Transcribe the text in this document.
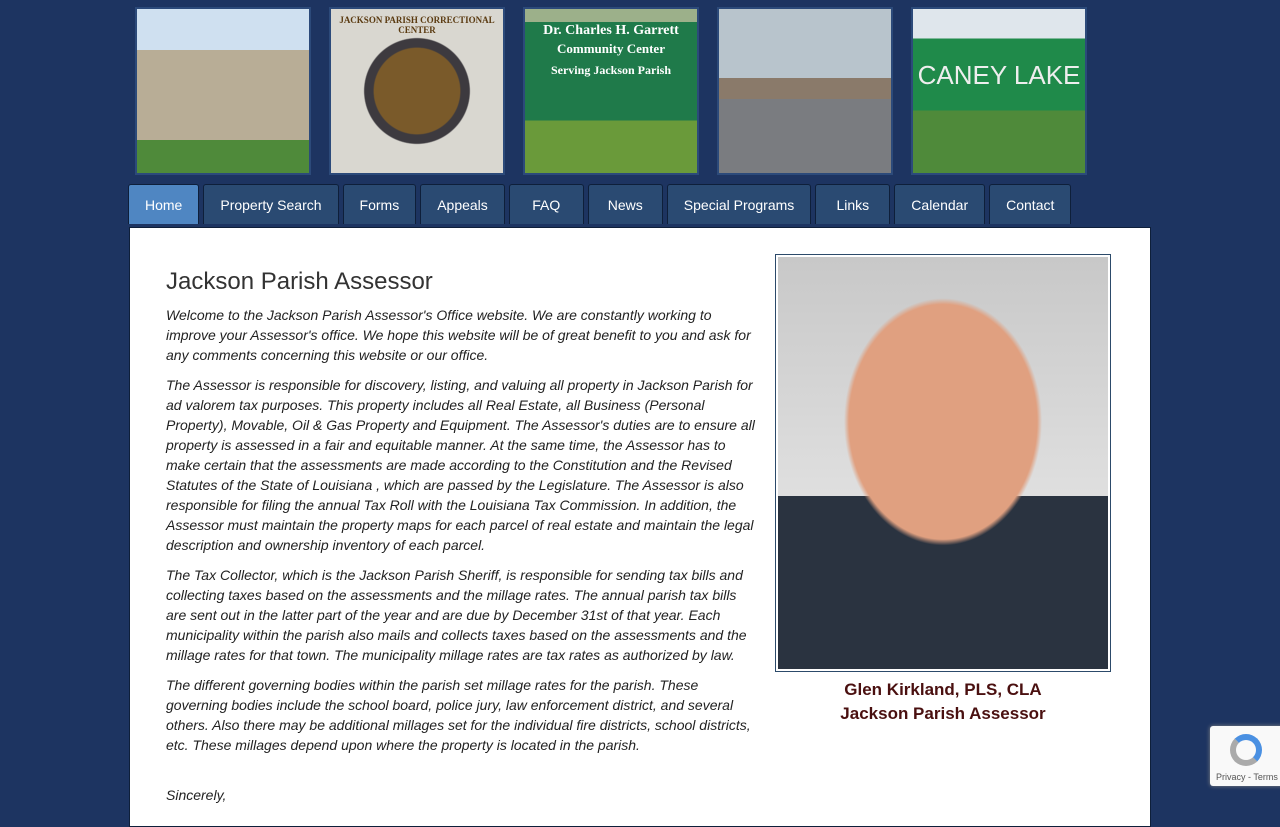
JACKSON PARISH CORRECTIONAL CENTER	Dr. Charles H. Garrett
Community Center
Serving Jackson Parish	CANEY LAKE
Home	Property Search	Forms	Appeals	FAQ	News	Special Programs	Links	Calendar	Contact
Jackson Parish Assessor

Welcome to the Jackson Parish Assessor's Office website. We are constantly working to improve your Assessor's office. We hope this website will be of great benefit to you and ask for any comments concerning this website or our office.

The Assessor is responsible for discovery, listing, and valuing all property in Jackson Parish for ad valorem tax purposes. This property includes all Real Estate, all Business (Personal Property), Movable, Oil & Gas Property and Equipment. The Assessor's duties are to ensure all property is assessed in a fair and equitable manner. At the same time, the Assessor has to make certain that the assessments are made according to the Constitution and the Revised Statutes of the State of Louisiana , which are passed by the Legislature. The Assessor is also responsible for filing the annual Tax Roll with the Louisiana Tax Commission. In addition, the Assessor must maintain the property maps for each parcel of real estate and maintain the legal description and ownership inventory of each parcel.

The Tax Collector, which is the Jackson Parish Sheriff, is responsible for sending tax bills and collecting taxes based on the assessments and the millage rates. The annual parish tax bills are sent out in the latter part of the year and are due by December 31st of that year. Each municipality within the parish also mails and collects taxes based on the assessments and the millage rates for that town. The municipality millage rates are tax rates as authorized by law.

The different governing bodies within the parish set millage rates for the parish. These governing bodies include the school board, police jury, law enforcement district, and several others. Also there may be additional millages set for the individual fire districts, school districts, etc. These millages depend upon where the property is located in the parish.

Sincerely,

Glen Kirkland, PLS, CLA
Jackson Parish Assessor
Privacy - Terms
